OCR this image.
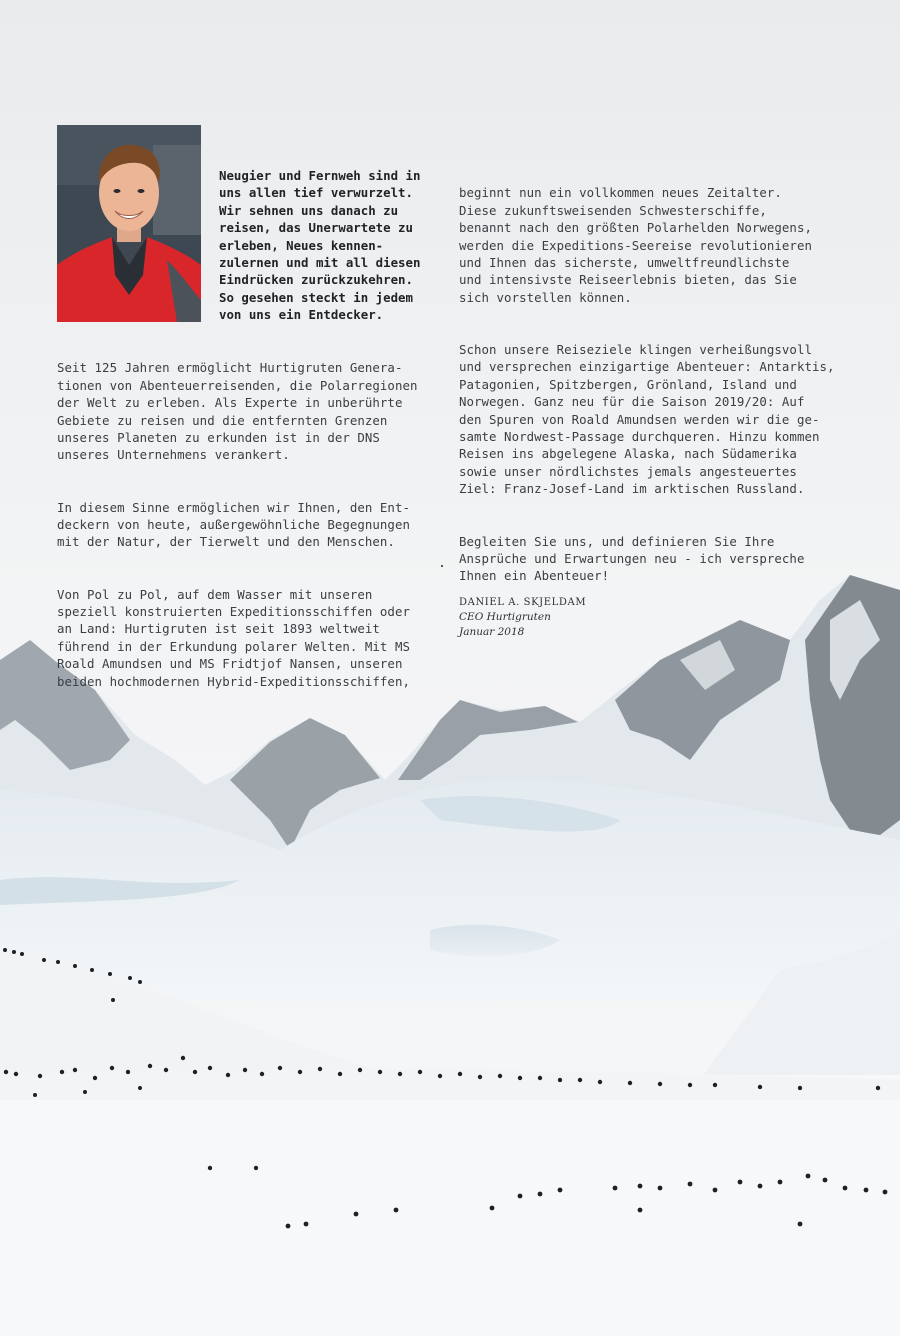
Neugier und Fernweh sind in
uns allen tief verwurzelt.
Wir sehnen uns danach zu
reisen, das Unerwartete zu
erleben, Neues kennen-
zulernen und mit all diesen
Eindrücken zurückzukehren.
So gesehen steckt in jedem
von uns ein Entdecker.

Seit 125 Jahren ermöglicht Hurtigruten Genera-
tionen von Abenteuerreisenden, die Polarregionen
der Welt zu erleben. Als Experte in unberührte
Gebiete zu reisen und die entfernten Grenzen
unseres Planeten zu erkunden ist in der DNS
unseres Unternehmens verankert.

In diesem Sinne ermöglichen wir Ihnen, den Ent-
deckern von heute, außergewöhnliche Begegnungen
mit der Natur, der Tierwelt und den Menschen.

Von Pol zu Pol, auf dem Wasser mit unseren
speziell konstruierten Expeditionsschiffen oder
an Land: Hurtigruten ist seit 1893 weltweit
führend in der Erkundung polarer Welten. Mit MS
Roald Amundsen und MS Fridtjof Nansen, unseren
beiden hochmodernen Hybrid-Expeditionsschiffen,

beginnt nun ein vollkommen neues Zeitalter.
Diese zukunftsweisenden Schwesterschiffe,
benannt nach den größten Polarhelden Norwegens,
werden die Expeditions-Seereise revolutionieren
und Ihnen das sicherste, umweltfreundlichste
und intensivste Reiseerlebnis bieten, das Sie
sich vorstellen können.

Schon unsere Reiseziele klingen verheißungsvoll
und versprechen einzigartige Abenteuer: Antarktis,
Patagonien, Spitzbergen, Grönland, Island und
Norwegen. Ganz neu für die Saison 2019/20: Auf
den Spuren von Roald Amundsen werden wir die ge-
samte Nordwest-Passage durchqueren. Hinzu kommen
Reisen ins abgelegene Alaska, nach Südamerika
sowie unser nördlichstes jemals angesteuertes
Ziel: Franz-Josef-Land im arktischen Russland.

Begleiten Sie uns, und definieren Sie Ihre
Ansprüche und Erwartungen neu - ich verspreche
Ihnen ein Abenteuer!

DANIEL A. SKJELDAM
CEO Hurtigruten
Januar 2018
